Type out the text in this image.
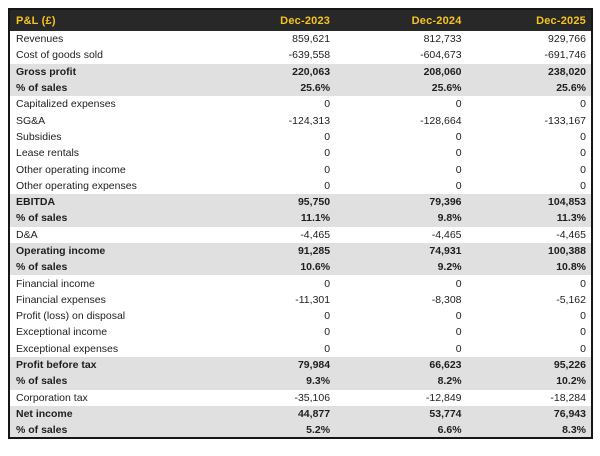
P&L (£)	Dec-2023	Dec-2024	Dec-2025
Revenues	859,621	812,733	929,766
Cost of goods sold	-639,558	-604,673	-691,746
Gross profit	220,063	208,060	238,020
% of sales	25.6%	25.6%	25.6%
Capitalized expenses	0	0	0
SG&A	-124,313	-128,664	-133,167
Subsidies	0	0	0
Lease rentals	0	0	0
Other operating income	0	0	0
Other operating expenses	0	0	0
EBITDA	95,750	79,396	104,853
% of sales	11.1%	9.8%	11.3%
D&A	-4,465	-4,465	-4,465
Operating income	91,285	74,931	100,388
% of sales	10.6%	9.2%	10.8%
Financial income	0	0	0
Financial expenses	-11,301	-8,308	-5,162
Profit (loss) on disposal	0	0	0
Exceptional income	0	0	0
Exceptional expenses	0	0	0
Profit before tax	79,984	66,623	95,226
% of sales	9.3%	8.2%	10.2%
Corporation tax	-35,106	-12,849	-18,284
Net income	44,877	53,774	76,943
% of sales	5.2%	6.6%	8.3%
